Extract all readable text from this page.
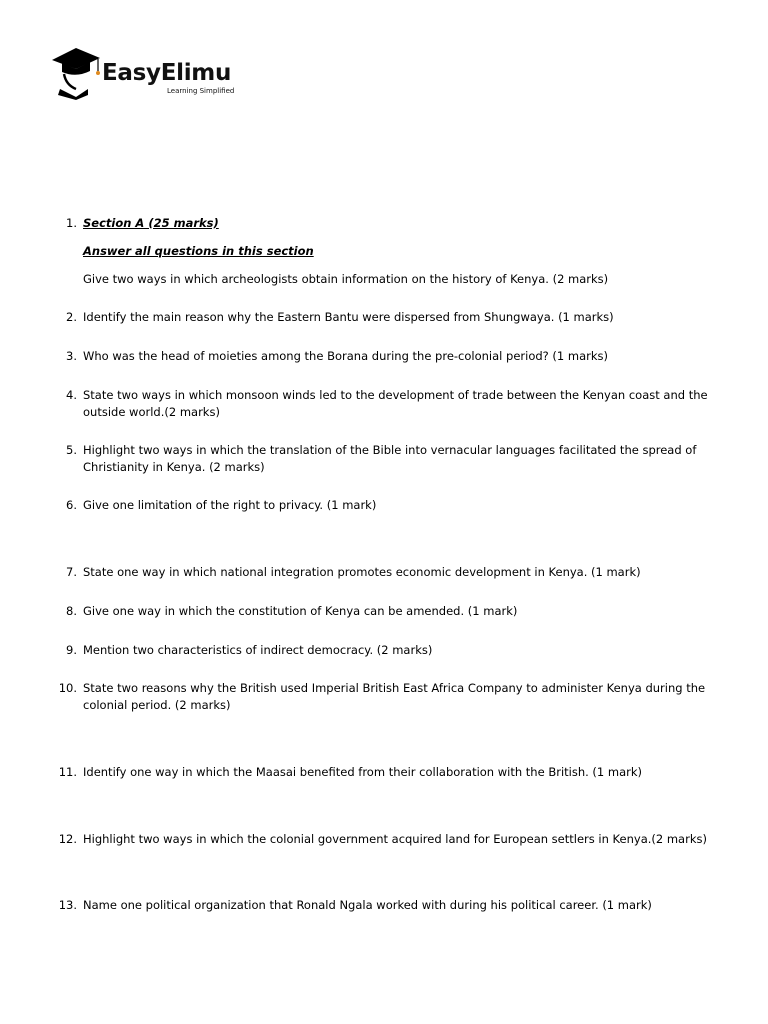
EasyElimu
Learning Simplified
1. Section A (25 marks)

Answer all questions in this section

Give two ways in which archeologists obtain information on the history of Kenya. (2 marks)

2. Identify the main reason why the Eastern Bantu were dispersed from Shungwaya. (1 marks)

3. Who was the head of moieties among the Borana during the pre-colonial period? (1 marks)

4. State two ways in which monsoon winds led to the development of trade between the Kenyan coast and the outside world.(2 marks)

5. Highlight two ways in which the translation of the Bible into vernacular languages facilitated the spread of Christianity in Kenya. (2 marks)

6. Give one limitation of the right to privacy. (1 mark)

7. State one way in which national integration promotes economic development in Kenya. (1 mark)

8. Give one way in which the constitution of Kenya can be amended. (1 mark)

9. Mention two characteristics of indirect democracy. (2 marks)

10. State two reasons why the British used Imperial British East Africa Company to administer Kenya during the colonial period. (2 marks)

11. Identify one way in which the Maasai benefited from their collaboration with the British. (1 mark)

12. Highlight two ways in which the colonial government acquired land for European settlers in Kenya.(2 marks)

13. Name one political organization that Ronald Ngala worked with during his political career. (1 mark)
